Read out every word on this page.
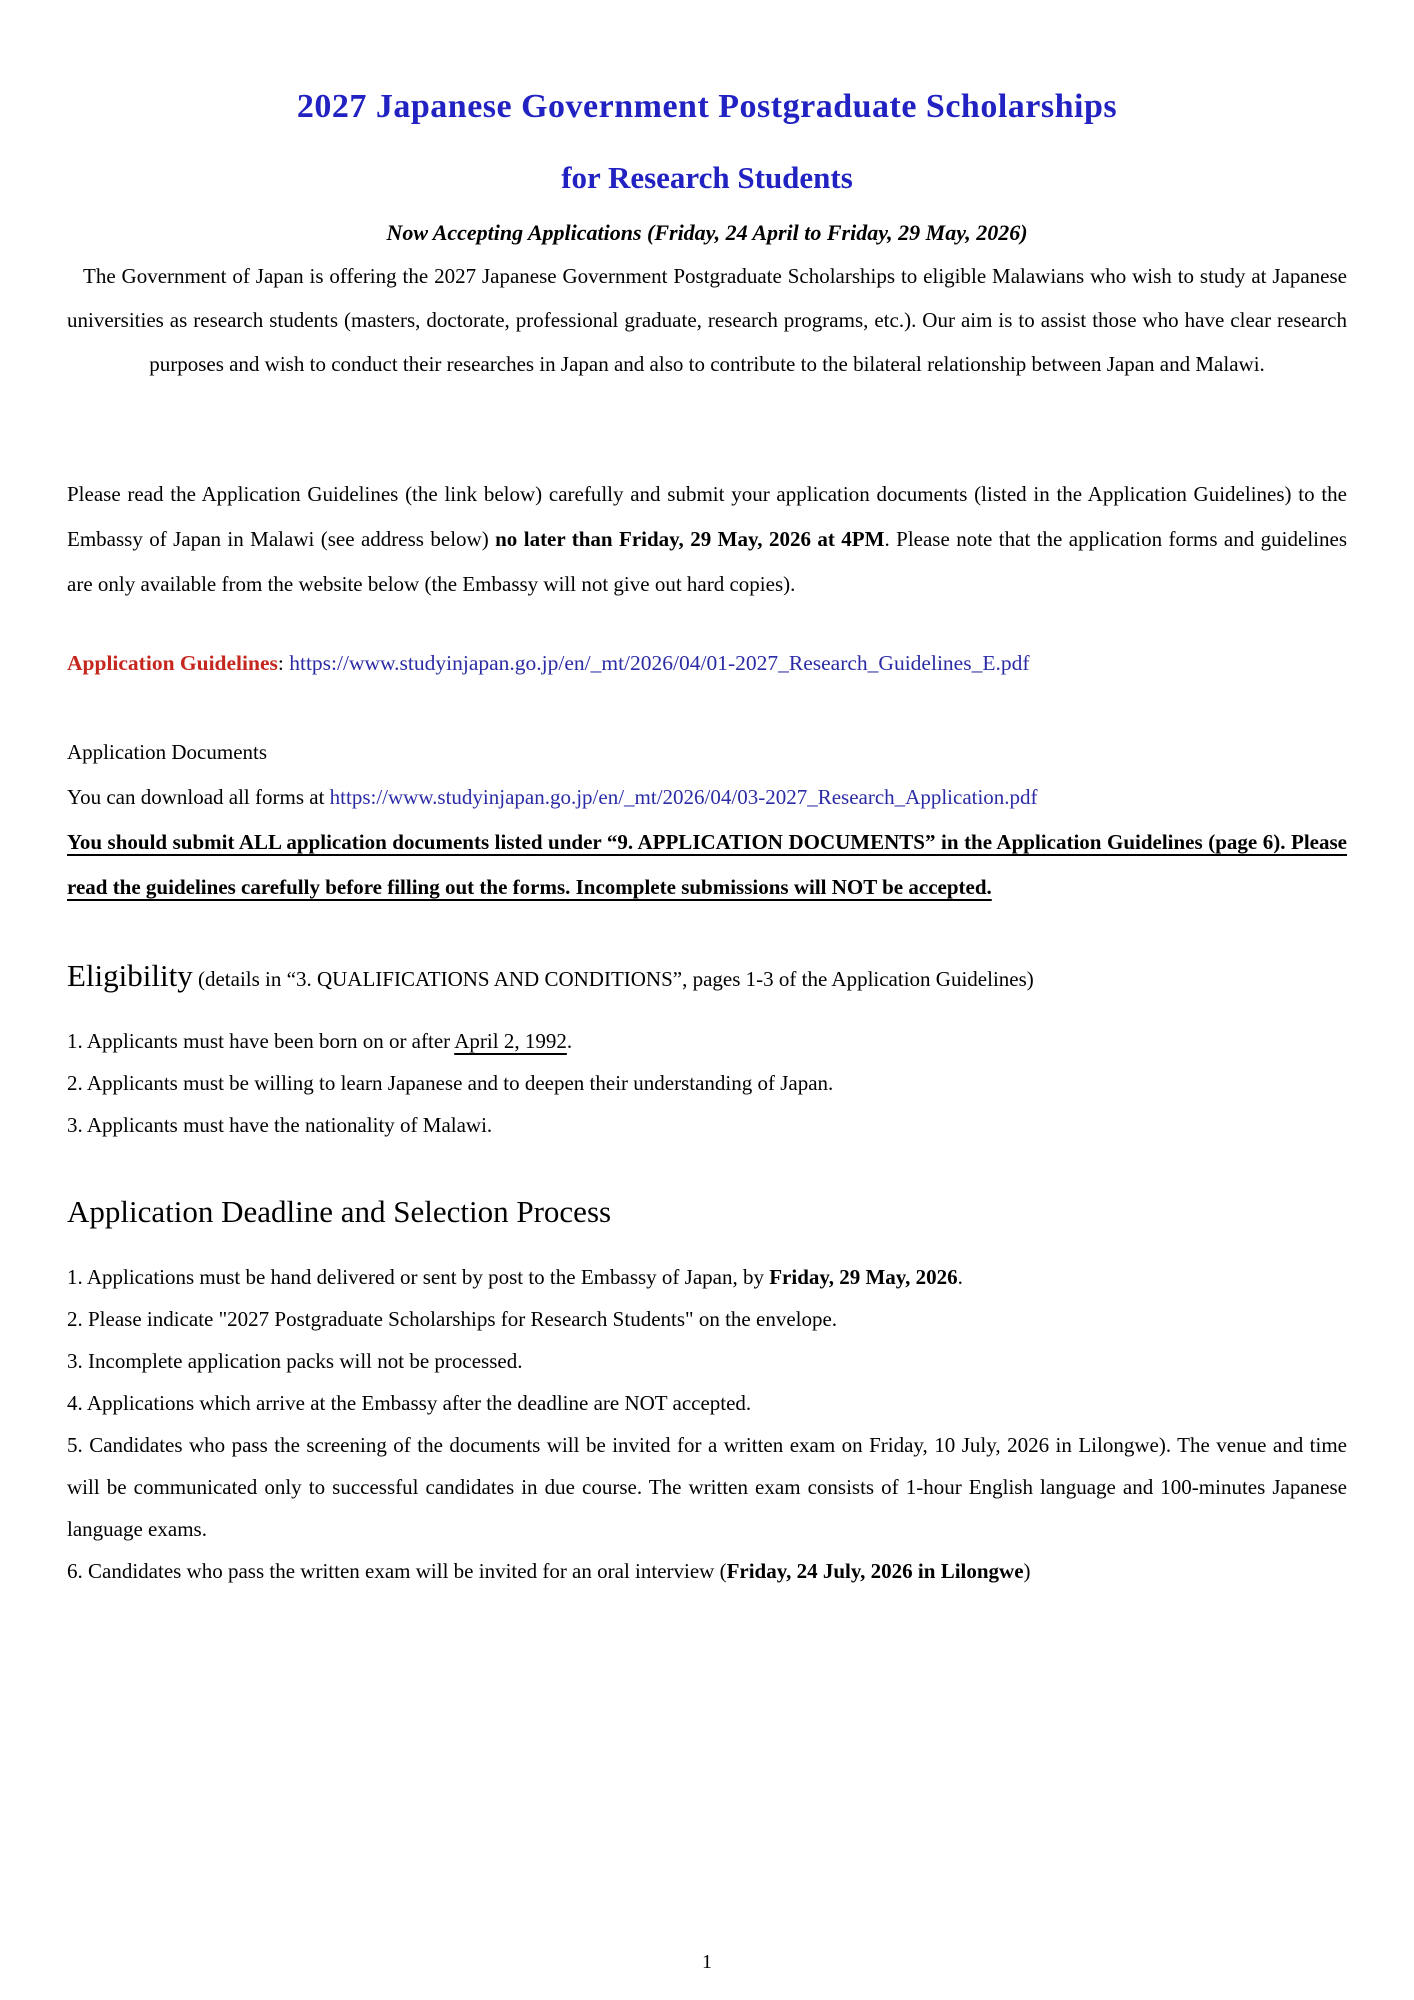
2027 Japanese Government Postgraduate Scholarships
for Research Students

Now Accepting Applications (Friday, 24 April to Friday, 29 May, 2026)

The Government of Japan is offering the 2027 Japanese Government Postgraduate Scholarships to eligible Malawians who wish to study at Japanese universities as research students (masters, doctorate, professional graduate, research programs, etc.). Our aim is to assist those who have clear research purposes and wish to conduct their researches in Japan and also to contribute to the bilateral relationship between Japan and Malawi.

Please read the Application Guidelines (the link below) carefully and submit your application documents (listed in the Application Guidelines) to the Embassy of Japan in Malawi (see address below) no later than Friday, 29 May, 2026 at 4PM. Please note that the application forms and guidelines are only available from the website below (the Embassy will not give out hard copies).

Application Guidelines: https://www.studyinjapan.go.jp/en/_mt/2026/04/01-2027_Research_Guidelines_E.pdf
Application Documents
You can download all forms at https://www.studyinjapan.go.jp/en/_mt/2026/04/03-2027_Research_Application.pdf

You should submit ALL application documents listed under “9. APPLICATION DOCUMENTS” in the Application Guidelines (page 6). Please read the guidelines carefully before filling out the forms. Incomplete submissions will NOT be accepted.

Eligibility (details in “3. QUALIFICATIONS AND CONDITIONS”, pages 1-3 of the Application Guidelines)
1. Applicants must have been born on or after April 2, 1992.
2. Applicants must be willing to learn Japanese and to deepen their understanding of Japan.
3. Applicants must have the nationality of Malawi.
Application Deadline and Selection Process
1. Applications must be hand delivered or sent by post to the Embassy of Japan, by Friday, 29 May, 2026.
2. Please indicate "2027 Postgraduate Scholarships for Research Students" on the envelope.
3. Incomplete application packs will not be processed.
4. Applications which arrive at the Embassy after the deadline are NOT accepted.
5. Candidates who pass the screening of the documents will be invited for a written exam on Friday, 10 July, 2026 in Lilongwe). The venue and time will be communicated only to successful candidates in due course. The written exam consists of 1-hour English language and 100-minutes Japanese language exams.
6. Candidates who pass the written exam will be invited for an oral interview (Friday, 24 July, 2026 in Lilongwe)
1
